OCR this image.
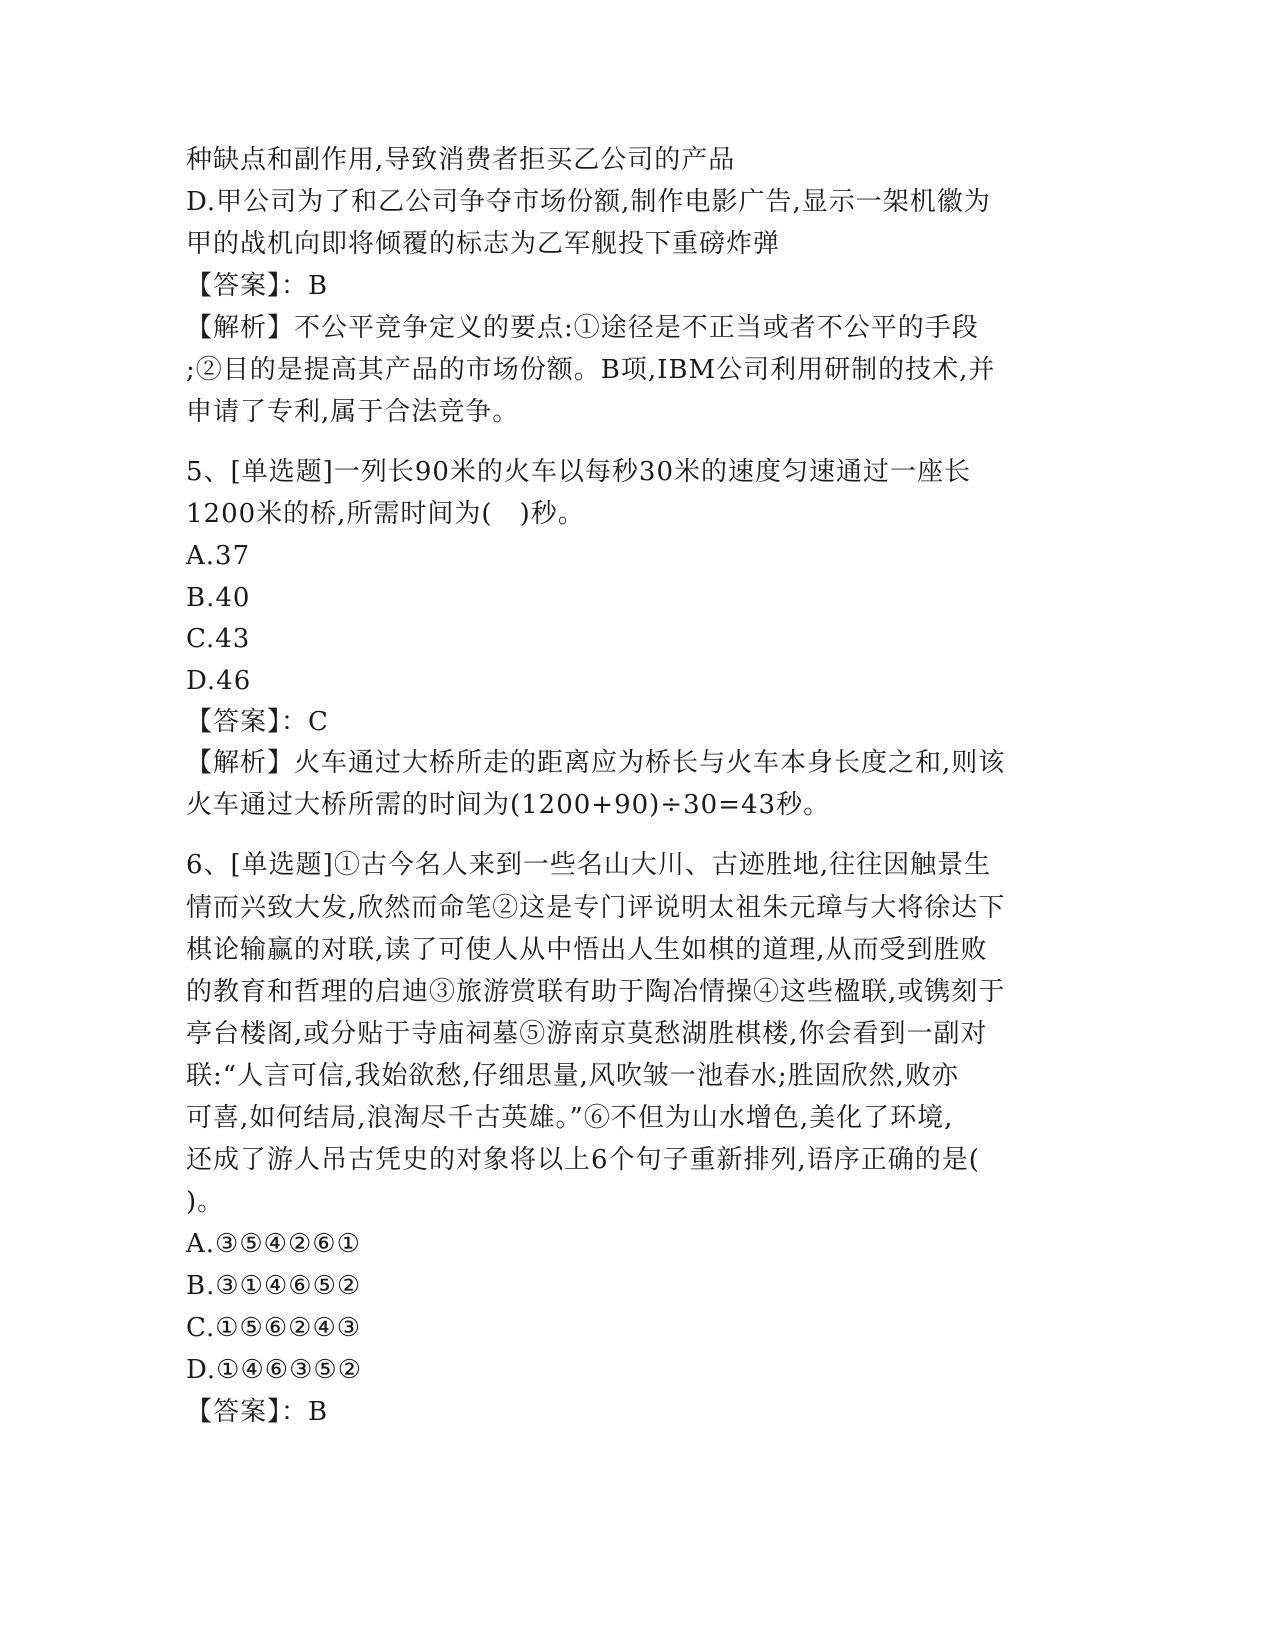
种缺点和副作用,导致消费者拒买乙公司的产品
D.甲公司为了和乙公司争夺市场份额,制作电影广告,显示一架机徽为
甲的战机向即将倾覆的标志为乙军舰投下重磅炸弹
【答案】：B
【解析】不公平竞争定义的要点:①途径是不正当或者不公平的手段
;②目的是提高其产品的市场份额。B项,IBM公司利用研制的技术,并
申请了专利,属于合法竞争。
5、[单选题]一列长90米的火车以每秒30米的速度匀速通过一座长
1200米的桥,所需时间为(　)秒。
A.37
B.40
C.43
D.46
【答案】：C
【解析】火车通过大桥所走的距离应为桥长与火车本身长度之和,则该
火车通过大桥所需的时间为(1200+90)÷30=43秒。
6、[单选题]①古今名人来到一些名山大川、古迹胜地,往往因触景生
情而兴致大发,欣然而命笔②这是专门评说明太祖朱元璋与大将徐达下
棋论输赢的对联,读了可使人从中悟出人生如棋的道理,从而受到胜败
的教育和哲理的启迪③旅游赏联有助于陶冶情操④这些楹联,或镌刻于
亭台楼阁,或分贴于寺庙祠墓⑤游南京莫愁湖胜棋楼,你会看到一副对
联:“人言可信,我始欲愁,仔细思量,风吹皱一池春水;胜固欣然,败亦
可喜,如何结局,浪淘尽千古英雄。”⑥不但为山水增色,美化了环境,
还成了游人吊古凭史的对象将以上6个句子重新排列,语序正确的是(
)。
A.③⑤④②⑥①
B.③①④⑥⑤②
C.①⑤⑥②④③
D.①④⑥③⑤②
【答案】：B
